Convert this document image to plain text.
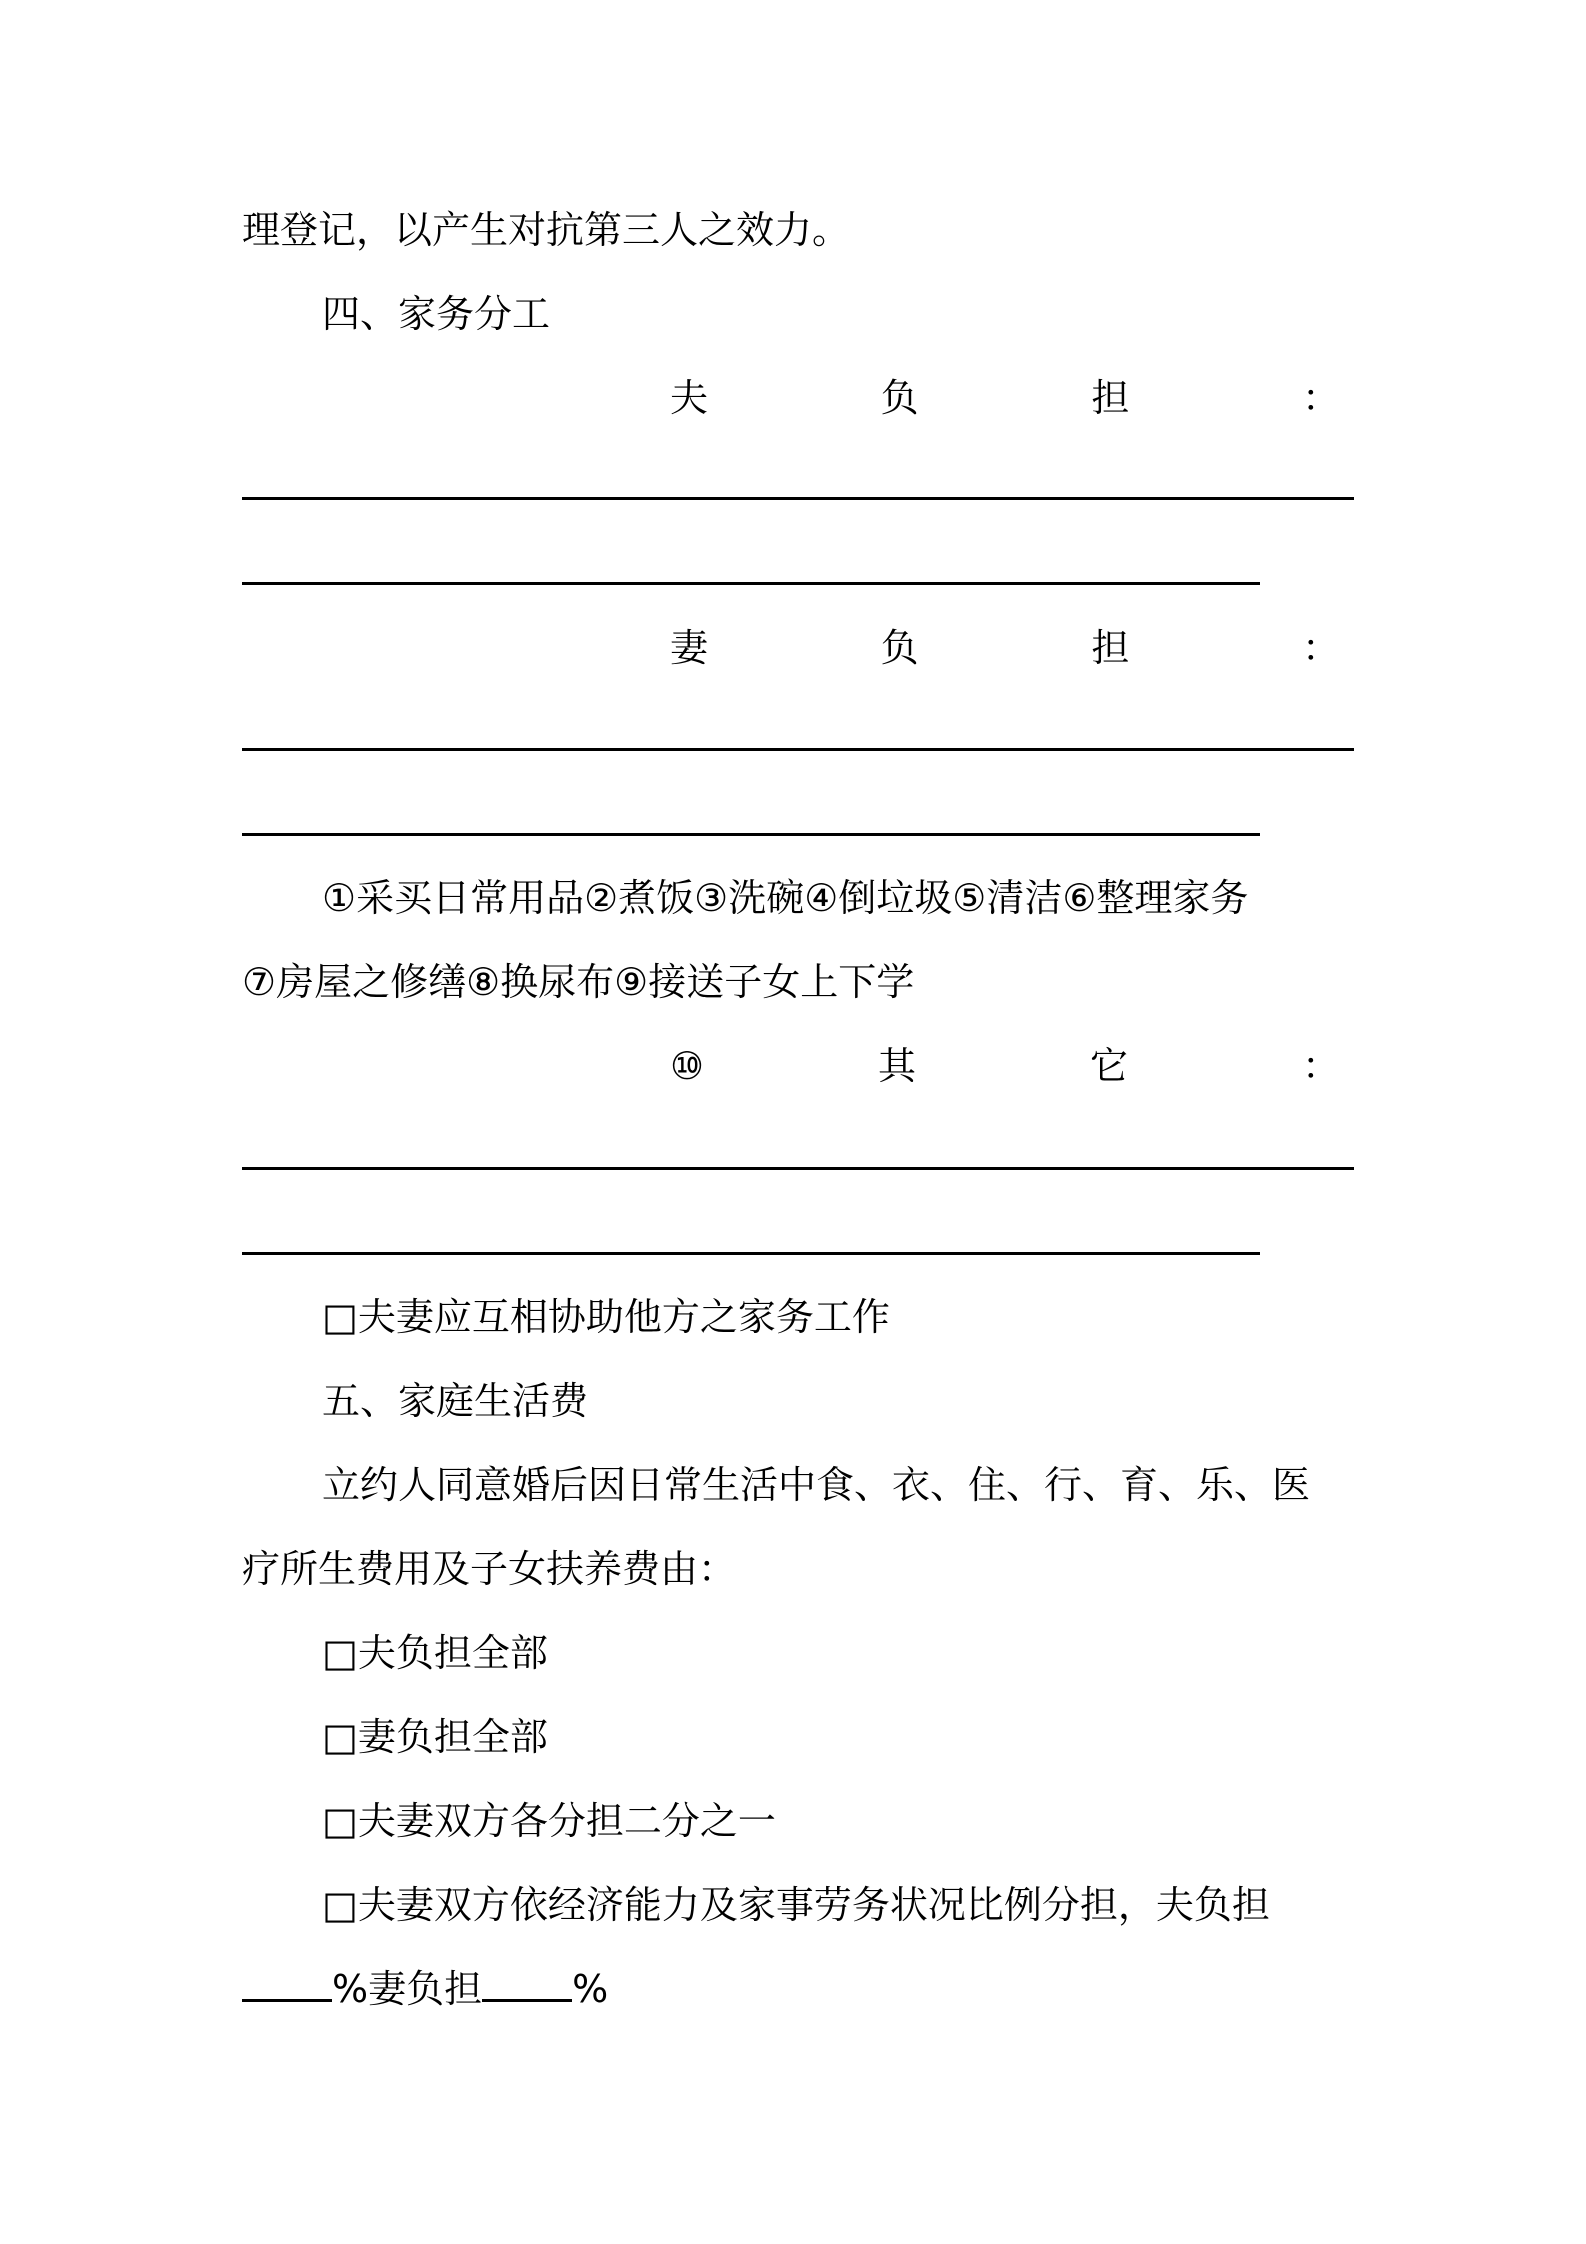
理登记，以产生对抗第三人之效力。
四、家务分工
夫	负	担	：
妻	负	担	：
①采买日常用品②煮饭③洗碗④倒垃圾⑤清洁⑥整理家务
⑦房屋之修缮⑧换尿布⑨接送子女上下学
⑩	其	它	：
□夫妻应互相协助他方之家务工作
五、家庭生活费
立约人同意婚后因日常生活中食、衣、住、行、育、乐、医
疗所生费用及子女扶养费由：
□夫负担全部
□妻负担全部
□夫妻双方各分担二分之一
□夫妻双方依经济能力及家事劳务状况比例分担，夫负担
%妻负担 %
